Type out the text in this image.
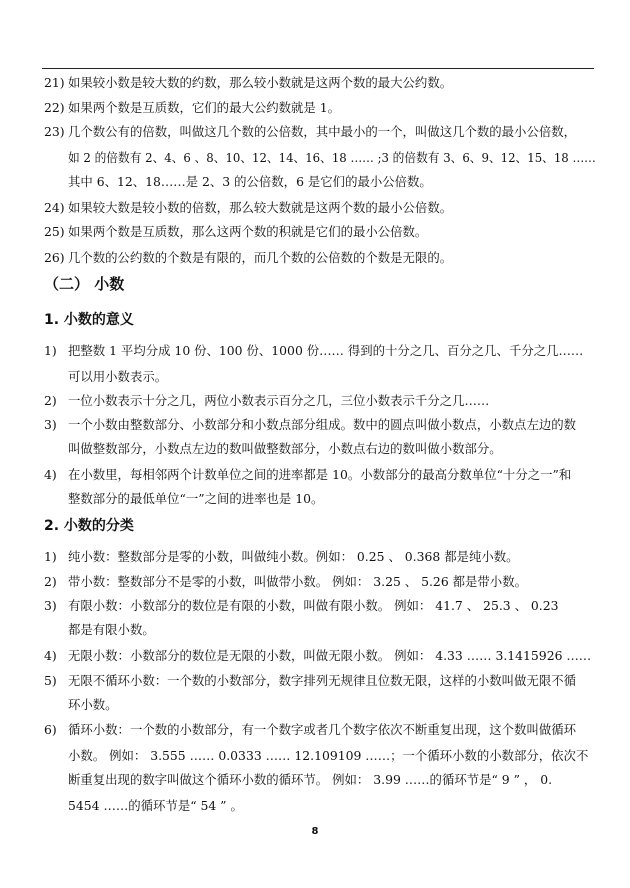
21) 如果较小数是较大数的约数，那么较小数就是这两个数的最大公约数。
22) 如果两个数是互质数，它们的最大公约数就是 1。
23) 几个数公有的倍数，叫做这几个数的公倍数，其中最小的一个，叫做这几个数的最小公倍数，
如 2 的倍数有 2、4、6 、8、10、12、14、16、18 …… ;3 的倍数有 3、6、9、12、15、18 ……
其中 6、12、18……是 2、3 的公倍数，6 是它们的最小公倍数。
24) 如果较大数是较小数的倍数，那么较大数就是这两个数的最小公倍数。
25) 如果两个数是互质数，那么这两个数的积就是它们的最小公倍数。
26) 几个数的公约数的个数是有限的，而几个数的公倍数的个数是无限的。
1) 把整数 1 平均分成 10 份、100 份、1000 份…… 得到的十分之几、百分之几、千分之几……
可以用小数表示。
2) 一位小数表示十分之几，两位小数表示百分之几，三位小数表示千分之几……
3) 一个小数由整数部分、小数部分和小数点部分组成。数中的圆点叫做小数点，小数点左边的数
叫做整数部分，小数点左边的数叫做整数部分，小数点右边的数叫做小数部分。
4) 在小数里，每相邻两个计数单位之间的进率都是 10。小数部分的最高分数单位“十分之一”和
整数部分的最低单位“一”之间的进率也是 10。
1) 纯小数：整数部分是零的小数，叫做纯小数。例如： 0.25 、 0.368 都是纯小数。
2) 带小数：整数部分不是零的小数，叫做带小数。 例如： 3.25 、 5.26 都是带小数。
3) 有限小数：小数部分的数位是有限的小数，叫做有限小数。 例如： 41.7 、 25.3 、 0.23
都是有限小数。
4) 无限小数：小数部分的数位是无限的小数，叫做无限小数。 例如： 4.33 …… 3.1415926 ……
5) 无限不循环小数：一个数的小数部分，数字排列无规律且位数无限，这样的小数叫做无限不循
环小数。
6) 循环小数：一个数的小数部分，有一个数字或者几个数字依次不断重复出现，这个数叫做循环
小数。 例如： 3.555 …… 0.0333 …… 12.109109 ……；一个循环小数的小数部分，依次不
断重复出现的数字叫做这个循环小数的循环节。 例如： 3.99 ……的循环节是“ 9 ” ， 0.
5454 ……的循环节是“ 54 ” 。
（二） 小数
1. 小数的意义
2. 小数的分类
8
